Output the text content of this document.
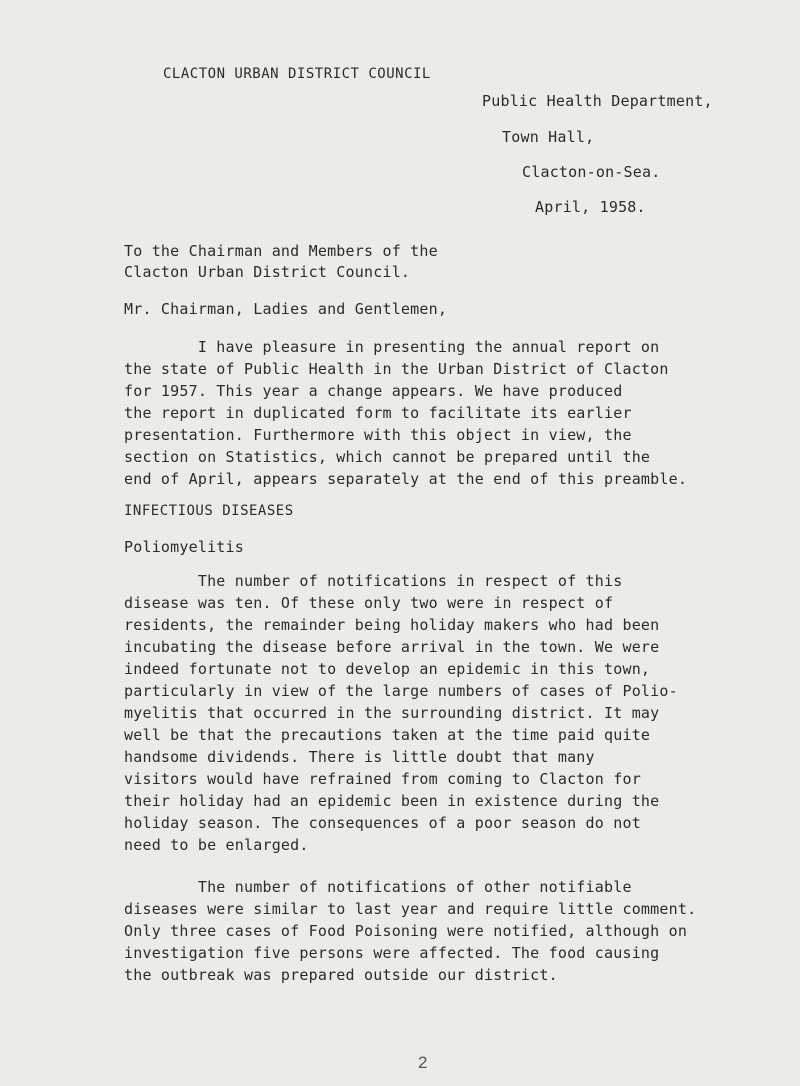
CLACTON URBAN DISTRICT COUNCIL
Public Health Department,
Town Hall,
Clacton-on-Sea.
April, 1958.
To the Chairman and Members of the
Clacton Urban District Council.
Mr. Chairman, Ladies and Gentlemen,
I have pleasure in presenting the annual report on
the state of Public Health in the Urban District of Clacton
for 1957. This year a change appears. We have produced
the report in duplicated form to facilitate its earlier
presentation. Furthermore with this object in view, the
section on Statistics, which cannot be prepared until the
end of April, appears separately at the end of this preamble.
INFECTIOUS DISEASES
Poliomyelitis
The number of notifications in respect of this
disease was ten. Of these only two were in respect of
residents, the remainder being holiday makers who had been
incubating the disease before arrival in the town. We were
indeed fortunate not to develop an epidemic in this town,
particularly in view of the large numbers of cases of Polio-
myelitis that occurred in the surrounding district. It may
well be that the precautions taken at the time paid quite
handsome dividends. There is little doubt that many
visitors would have refrained from coming to Clacton for
their holiday had an epidemic been in existence during the
holiday season. The consequences of a poor season do not
need to be enlarged.
The number of notifications of other notifiable
diseases were similar to last year and require little comment.
Only three cases of Food Poisoning were notified, although on
investigation five persons were affected. The food causing
the outbreak was prepared outside our district.
2
